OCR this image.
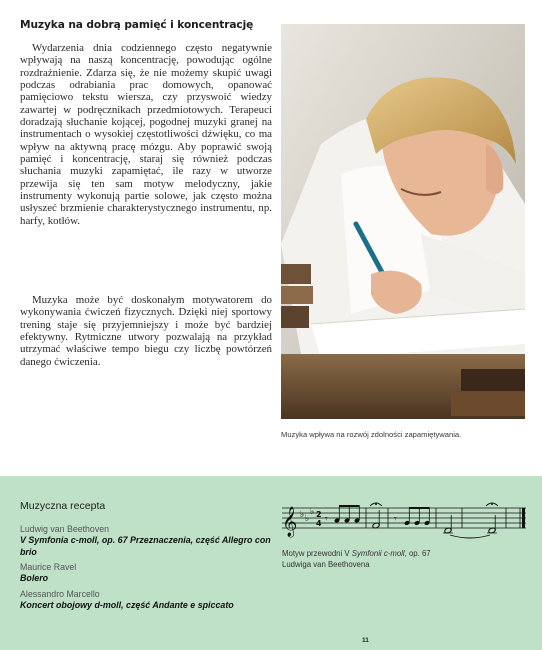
Muzyka na dobrą pamięć i koncentrację

Wydarzenia dnia codziennego często negatywnie wpływają na naszą koncentrację, powodując ogólne rozdrażnienie. Zdarza się, że nie możemy skupić uwagi podczas odrabiania prac domowych, opanować pamięciowo tekstu wiersza, czy przyswoić wiedzy zawartej w podręcznikach przedmiotowych. Terapeuci doradzają słuchanie kojącej, pogodnej muzyki granej na instrumentach o wysokiej częstotliwości dźwięku, co ma wpływ na aktywną pracę mózgu. Aby poprawić swoją pamięć i koncentrację, staraj się również podczas słuchania muzyki zapamiętać, ile razy w utworze przewija się ten sam motyw melodyczny, jakie instrumenty wykonują partie solowe, jak często można usłyszeć brzmienie charakterystycznego instrumentu, np. harfy, kotłów.

Muzyka może być doskonałym motywatorem do wykonywania ćwiczeń fizycznych. Dzięki niej sportowy trening staje się przyjemniejszy i może być bardziej efektywny. Rytmiczne utwory pozwalają na przykład utrzymać właściwe tempo biegu czy liczbę powtórzeń danego ćwiczenia.

Muzyka wpływa na rozwój zdolności zapamiętywania.
Muzyczna recepta
Ludwig van Beethoven
V Symfonia c-moll, op. 67 Przeznaczenia, część Allegro con brio
Maurice Ravel
Bolero
Alessandro Marcello
Koncert obojowy d-moll, część Andante e spiccato
𝄞 ♭ ♭
♭ 2
4 𝄾	𝄾
Motyw przewodni V Symfonii c-moll, op. 67
Ludwiga van Beethovena
11
